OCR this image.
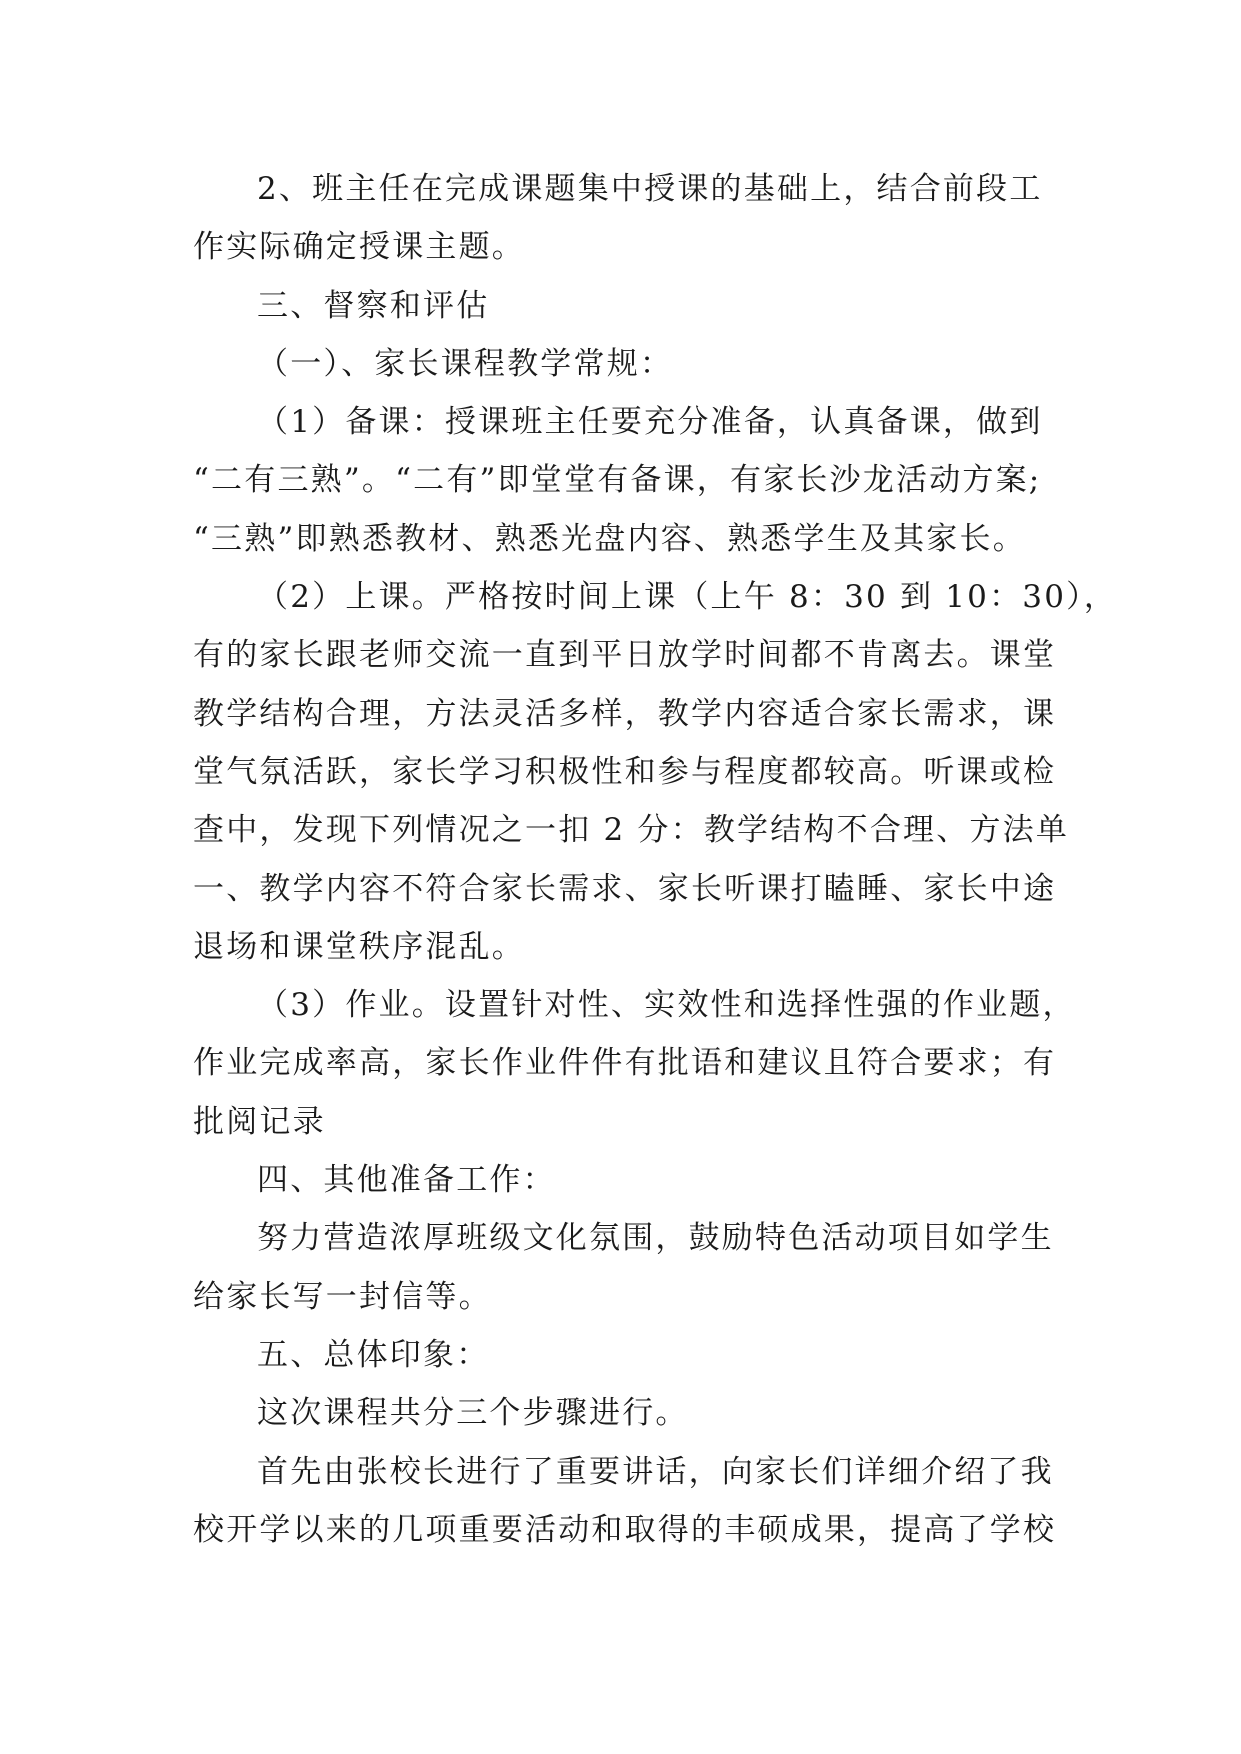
2、班主任在完成课题集中授课的基础上，结合前段工
作实际确定授课主题。
三、督察和评估
（一）、家长课程教学常规：
（1）备课：授课班主任要充分准备，认真备课，做到
“二有三熟”。“二有”即堂堂有备课，有家长沙龙活动方案;
“三熟”即熟悉教材、熟悉光盘内容、熟悉学生及其家长。
（2）上课。严格按时间上课（上午 8：30 到 10：30），
有的家长跟老师交流一直到平日放学时间都不肯离去。课堂
教学结构合理，方法灵活多样，教学内容适合家长需求，课
堂气氛活跃，家长学习积极性和参与程度都较高。听课或检
查中，发现下列情况之一扣 2 分：教学结构不合理、方法单
一、教学内容不符合家长需求、家长听课打瞌睡、家长中途
退场和课堂秩序混乱。
（3）作业。设置针对性、实效性和选择性强的作业题，
作业完成率高，家长作业件件有批语和建议且符合要求；有
批阅记录
四、其他准备工作：
努力营造浓厚班级文化氛围，鼓励特色活动项目如学生
给家长写一封信等。
五、总体印象：
这次课程共分三个步骤进行。
首先由张校长进行了重要讲话，向家长们详细介绍了我
校开学以来的几项重要活动和取得的丰硕成果，提高了学校
